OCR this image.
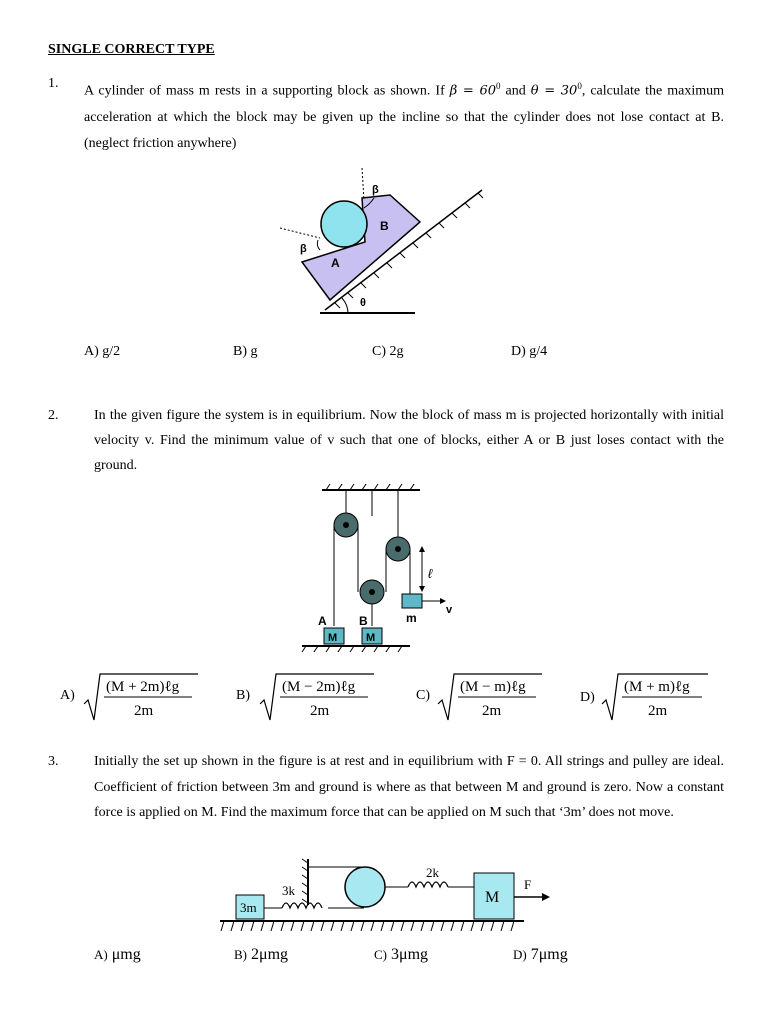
SINGLE CORRECT TYPE
1.
A cylinder of mass m rests in a supporting block as shown. If $\beta = 60^0$ and $\theta = 30^0$, calculate the maximum acceleration at which the block may be given up the incline so that the cylinder does not lose contact at B. (neglect friction anywhere)
β
β
B
A
θ
A) g/2	B) g	C) 2g	D) g/4
2.	In the given figure the system is in equilibrium. Now the block of mass m is projected horizontally with initial velocity v. Find the minimum value of v such that one of blocks, either A or B just loses contact with the ground.
M	M
A	B	m
ℓ
v
A)
(M + 2m)ℓg
2m
B)
(M − 2m)ℓg
2m
C)
(M − m)ℓg
2m
D)
(M + m)ℓg
2m
3.	Initially the set up shown in the figure is at rest and in equilibrium with F = 0. All strings and pulley are ideal. Coefficient of friction between 3m and ground is where as that between M and ground is zero. Now a constant force is applied on M. Find the maximum force that can be applied on M such that ‘3m’ does not move.
3m
3k
2k
M
F
A) μmg	B) 2μmg	C) 3μmg	D) 7μmg
